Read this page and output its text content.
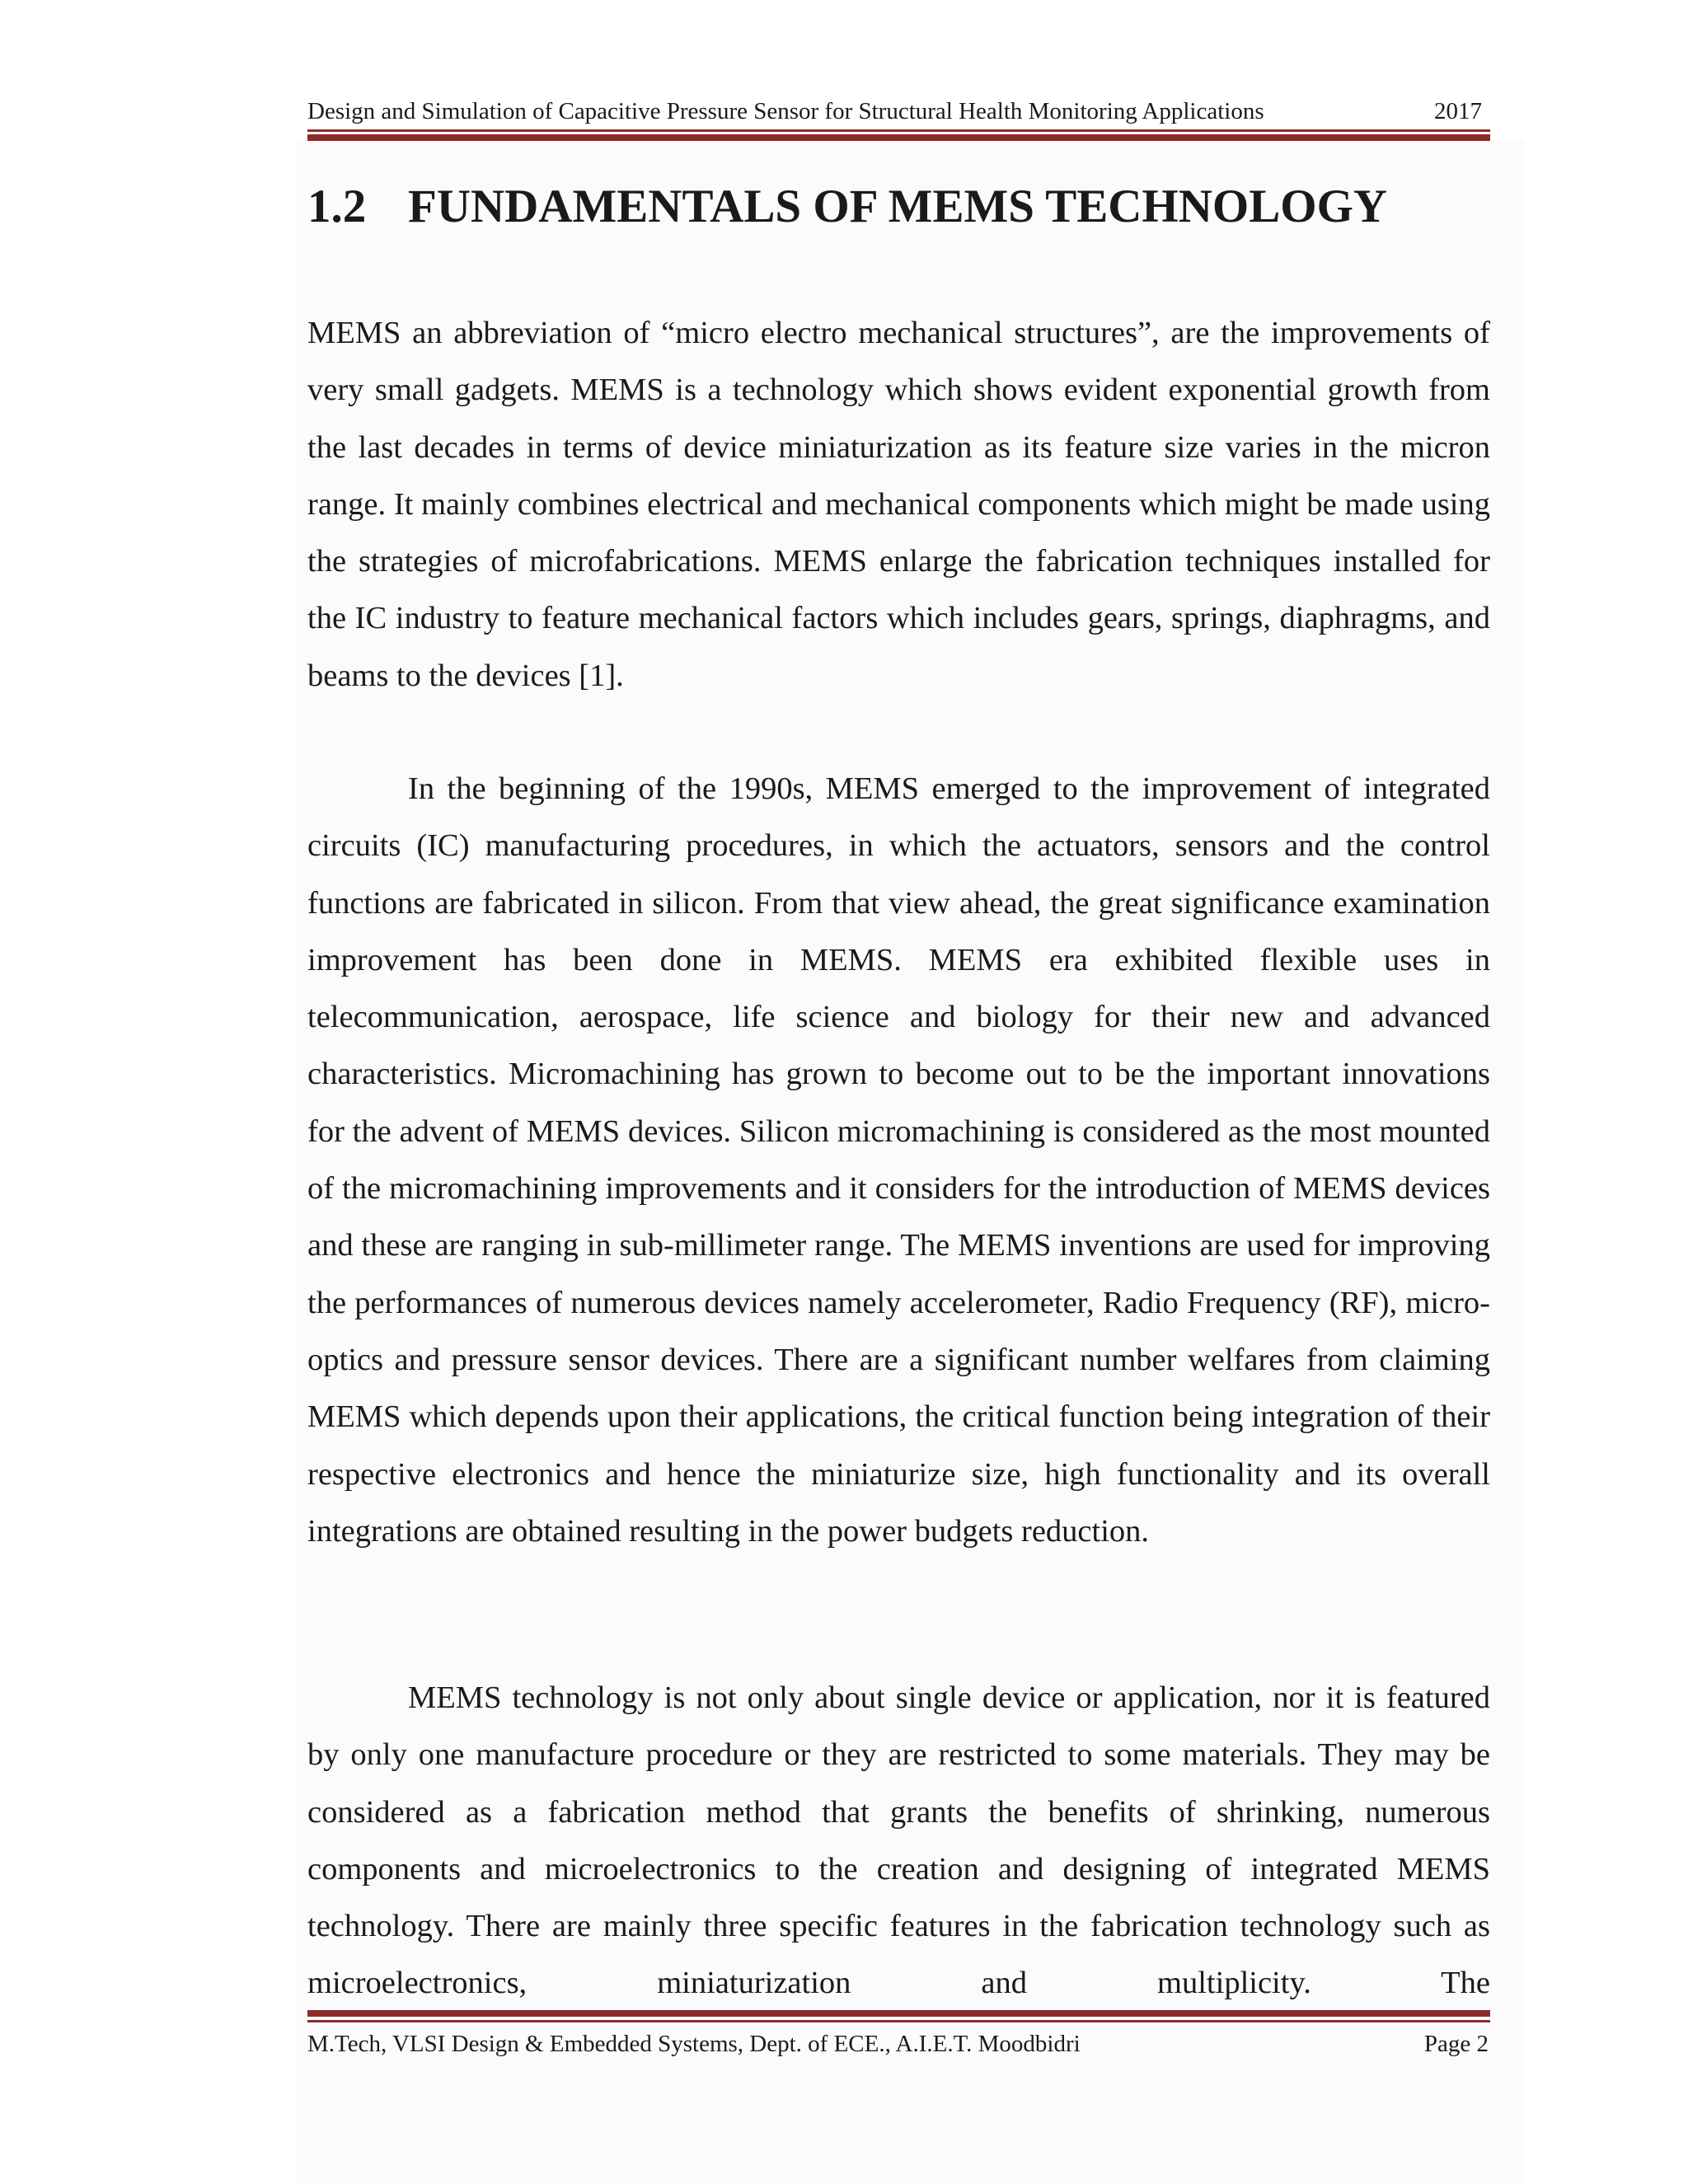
Design and Simulation of Capacitive Pressure Sensor for Structural Health Monitoring Applications	2017
1.2 FUNDAMENTALS OF MEMS TECHNOLOGY

MEMS an abbreviation of “micro electro mechanical structures”, are the improvements of very small gadgets. MEMS is a technology which shows evident exponential growth from the last decades in terms of device miniaturization as its feature size varies in the micron range. It mainly combines electrical and mechanical components which might be made using the strategies of microfabrications. MEMS enlarge the fabrication techniques installed for the IC industry to feature mechanical factors which includes gears, springs, diaphragms, and beams to the devices [1].

In the beginning of the 1990s, MEMS emerged to the improvement of integrated circuits (IC) manufacturing procedures, in which the actuators, sensors and the control functions are fabricated in silicon. From that view ahead, the great significance examination improvement has been done in MEMS. MEMS era exhibited flexible uses in telecommunication, aerospace, life science and biology for their new and advanced characteristics. Micromachining has grown to become out to be the important innovations for the advent of MEMS devices. Silicon micromachining is considered as the most mounted of the micromachining improvements and it considers for the introduction of MEMS devices and these are ranging in sub-millimeter range. The MEMS inventions are used for improving the performances of numerous devices namely accelerometer, Radio Frequency (RF), micro-optics and pressure sensor devices. There are a significant number welfares from claiming MEMS which depends upon their applications, the critical function being integration of their respective electronics and hence the miniaturize size, high functionality and its overall integrations are obtained resulting in the power budgets reduction.

MEMS technology is not only about single device or application, nor it is featured by only one manufacture procedure or they are restricted to some materials. They may be considered as a fabrication method that grants the benefits of shrinking, numerous components and microelectronics to the creation and designing of integrated MEMS technology. There are mainly three specific features in the fabrication technology such as microelectronics, miniaturization and multiplicity. The

M.Tech, VLSI Design & Embedded Systems, Dept. of ECE., A.I.E.T. Moodbidri	Page 2
